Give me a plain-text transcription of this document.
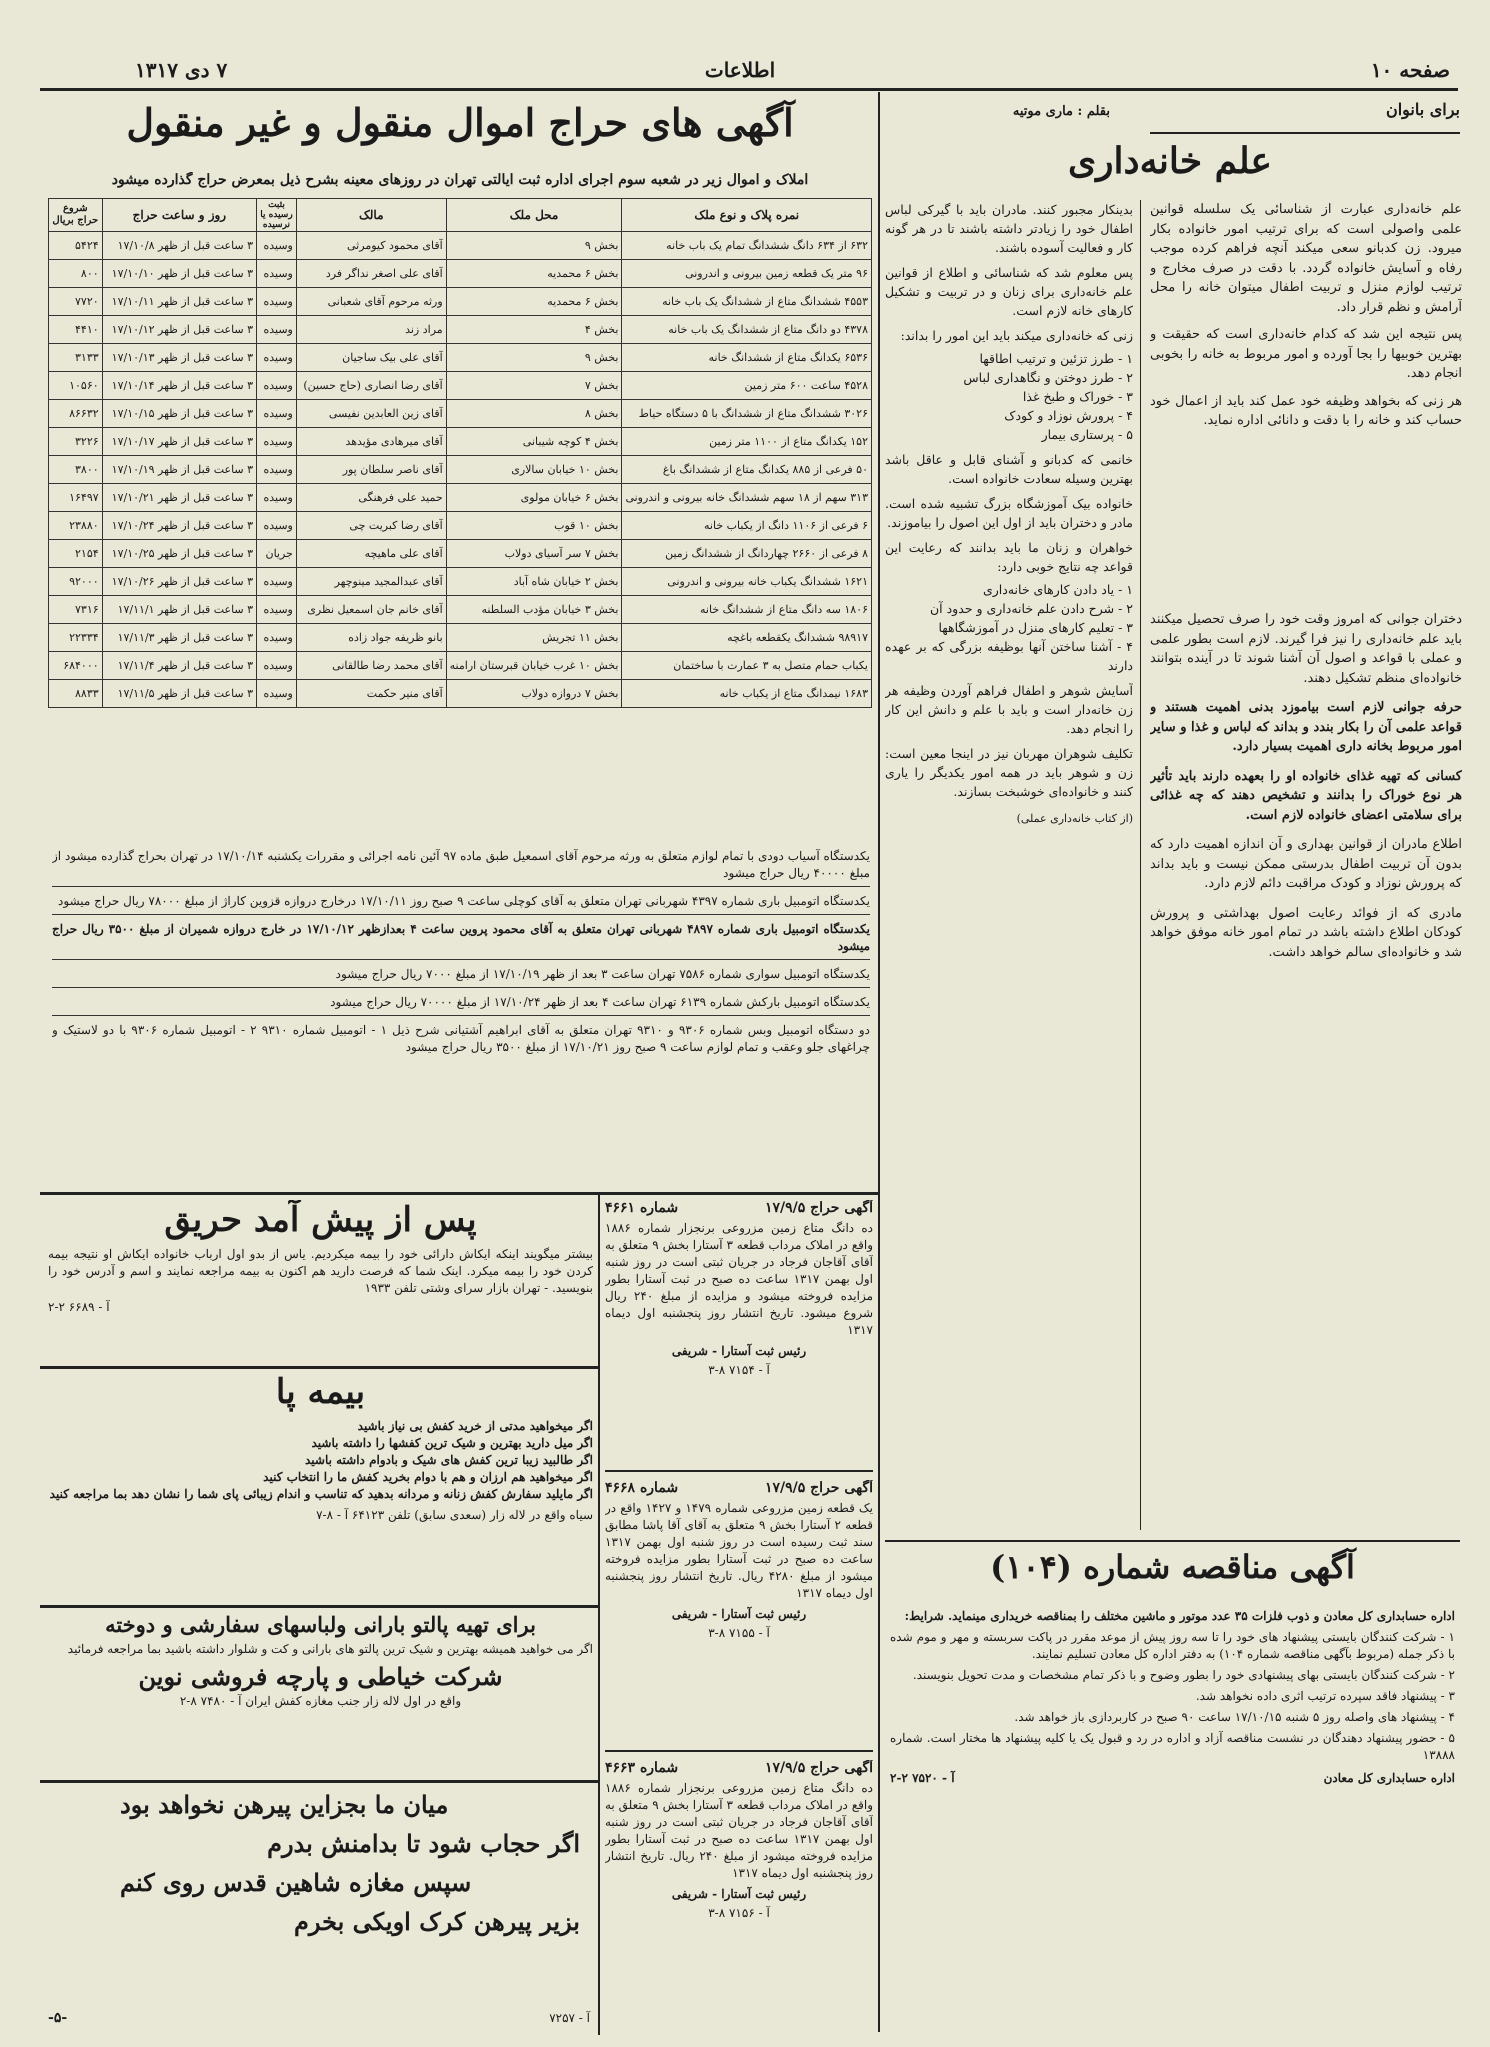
صفحه ۱۰
اطلاعات
۷ دی ۱۳۱۷
برای بانوان
بقلم : ماری موتیه
علم خانه‌داری

علم خانه‌داری عبارت از شناسائی یک سلسله قوانین علمی واصولی است که برای ترتیب امور خانواده بکار میرود. زن کدبانو سعی میکند آنچه فراهم کرده موجب رفاه و آسایش خانواده گردد. با دقت در صرف مخارج و ترتیب لوازم منزل و تربیت اطفال میتوان خانه را محل آرامش و نظم قرار داد.

پس نتیجه این شد که کدام خانه‌داری است که حقیقت و بهترین خوبیها را بجا آورده و امور مربوط به خانه را بخوبی انجام دهد.

هر زنی که بخواهد وظیفه خود عمل کند باید از اعمال خود حساب کند و خانه را با دقت و دانائی اداره نماید.

دختران جوانی که امروز وقت خود را صرف تحصیل میکنند باید علم خانه‌داری را نیز فرا گیرند. لازم است بطور علمی و عملی با قواعد و اصول آن آشنا شوند تا در آینده بتوانند خانواده‌ای منظم تشکیل دهند.

حرفه جوانی لازم است بیاموزد بدنی اهمیت هستند و قواعد علمی آن را بکار بندد و بداند که لباس و غذا و سایر امور مربوط بخانه داری اهمیت بسیار دارد.

کسانی که تهیه غذای خانواده او را بعهده دارند باید تأثیر هر نوع خوراک را بدانند و تشخیص دهند که چه غذائی برای سلامتی اعضای خانواده لازم است.

اطلاع مادران از قوانین بهداری و آن اندازه اهمیت دارد که بدون آن تربیت اطفال بدرستی ممکن نیست و باید بداند که پرورش نوزاد و کودک مراقبت دائم لازم دارد.

مادری که از فوائد رعایت اصول بهداشتی و پرورش کودکان اطلاع داشته باشد در تمام امور خانه موفق خواهد شد و خانواده‌ای سالم خواهد داشت.

بدینکار مجبور کنند. مادران باید با گیرکی لباس اطفال خود را زیادتر داشته باشند تا در هر گونه کار و فعالیت آسوده باشند.

پس معلوم شد که شناسائی و اطلاع از قوانین علم خانه‌داری برای زنان و در تربیت و تشکیل کارهای خانه لازم است.

زنی که خانه‌داری میکند باید این امور را بداند:

۱ - طرز تزئین و ترتیب اطاقها

۲ - طرز دوختن و نگاهداری لباس

۳ - خوراک و طبخ غذا

۴ - پرورش نوزاد و کودک

۵ - پرستاری بیمار

خانمی که کدبانو و آشنای قابل و عاقل باشد بهترین وسیله سعادت خانواده است.

خانواده بیک آموزشگاه بزرگ تشبیه شده است. مادر و دختران باید از اول این اصول را بیاموزند.

خواهران و زنان ما باید بدانند که رعایت این قواعد چه نتایج خوبی دارد:

۱ - یاد دادن کارهای خانه‌داری

۲ - شرح دادن علم خانه‌داری و حدود آن

۳ - تعلیم کارهای منزل در آموزشگاهها

۴ - آشنا ساختن آنها بوظیفه بزرگی که بر عهده دارند

آسایش شوهر و اطفال فراهم آوردن وظیفه هر زن خانه‌دار است و باید با علم و دانش این کار را انجام دهد.

تکلیف شوهران مهربان نیز در اینجا معین است: زن و شوهر باید در همه امور یکدیگر را یاری کنند و خانواده‌ای خوشبخت بسازند.

(از کتاب خانه‌داری عملی)

آگهی مناقصه شماره (۱۰۴)

اداره حسابداری کل معادن و ذوب فلزات ۳۵ عدد موتور و ماشین مختلف را بمناقصه خریداری مینماید. شرایط:

۱ - شرکت کنندگان بایستی پیشنهاد های خود را تا سه روز پیش از موعد مقرر در پاکت سربسته و مهر و موم شده با ذکر جمله (مربوط بآگهی مناقصه شماره ۱۰۴) به دفتر اداره کل معادن تسلیم نمایند.

۲ - شرکت کنندگان بایستی بهای پیشنهادی خود را بطور وضوح و با ذکر تمام مشخصات و مدت تحویل بنویسند.

۳ - پیشنهاد فاقد سپرده ترتیب اثری داده نخواهد شد.

۴ - پیشنهاد های واصله روز ۵ شنبه ۱۷/۱۰/۱۵ ساعت ۹۰ صبح در کاربردازی باز خواهد شد.

۵ - حضور پیشنهاد دهندگان در نشست مناقصه آزاد و اداره در رد و قبول یک یا کلیه پیشنهاد ها مختار است. شماره ۱۳۸۸۸

اداره حسابداری کل معادن
آ - ۷۵۲۰ ۲-۲
آگهی های حراج اموال منقول و غیر منقول
املاک و اموال زیر در شعبه سوم اجرای اداره ثبت ایالتی تهران در روزهای معینه بشرح ذیل بمعرض حراج گذارده میشود
نمره پلاک و نوع ملک	محل ملک	مالک	بثبت رسیده یا نرسیده	روز و ساعت حراج	شروع حراج بریال
۶۳۲ از ۶۳۴ دانگ ششدانگ تمام یک باب خانه	بخش ۹	آقای محمود کیومرثی	وسیده	۳ ساعت قبل از ظهر ۱۷/۱۰/۸	۵۴۲۴
۹۶ متر یک قطعه زمین بیرونی و اندرونی	بخش ۶ محمدیه	آقای علی اصغر نداگر فرد	وسیده	۳ ساعت قبل از ظهر ۱۷/۱۰/۱۰	۸۰۰
۴۵۵۳ ششدانگ متاع از ششدانگ یک باب خانه	بخش ۶ محمدیه	ورثه مرحوم آقای شعبانی	وسیده	۳ ساعت قبل از ظهر ۱۷/۱۰/۱۱	۷۷۲۰
۴۳۷۸ دو دانگ متاع از ششدانگ یک باب خانه	بخش ۴	مراد زند	وسیده	۳ ساعت قبل از ظهر ۱۷/۱۰/۱۲	۴۴۱۰
۶۵۳۶ یکدانگ متاع از ششدانگ خانه	بخش ۹	آقای علی بیک ساجیان	وسیده	۳ ساعت قبل از ظهر ۱۷/۱۰/۱۳	۳۱۳۳
۴۵۲۸ ساعت ۶۰۰ متر زمین	بخش ۷	آقای رضا انصاری (حاج حسین)	وسیده	۳ ساعت قبل از ظهر ۱۷/۱۰/۱۴	۱۰۵۶۰
۳۰۲۶ ششدانگ متاع از ششدانگ با ۵ دستگاه حیاط	بخش ۸	آقای زین العابدین نفیسی	وسیده	۳ ساعت قبل از ظهر ۱۷/۱۰/۱۵	۸۶۶۳۲
۱۵۲ یکدانگ متاع از ۱۱۰۰ متر زمین	بخش ۴ کوچه شیبانی	آقای میرهادی مؤیدهد	وسیده	۳ ساعت قبل از ظهر ۱۷/۱۰/۱۷	۳۲۲۶
۵۰ فرعی از ۸۸۵ یکدانگ متاع از ششدانگ باغ	بخش ۱۰ خیابان سالاری	آقای ناصر سلطان پور	وسیده	۳ ساعت قبل از ظهر ۱۷/۱۰/۱۹	۳۸۰۰
۳۱۳ سهم از ۱۸ سهم ششدانگ خانه بیرونی و اندرونی	بخش ۶ خیابان مولوی	حمید علی فرهنگی	وسیده	۳ ساعت قبل از ظهر ۱۷/۱۰/۲۱	۱۶۴۹۷
۶ فرعی از ۱۱۰۶ دانگ از یکباب خانه	بخش ۱۰ قوب	آقای رضا کبریت چی	وسیده	۳ ساعت قبل از ظهر ۱۷/۱۰/۲۴	۲۳۸۸۰
۸ فرعی از ۲۶۶۰ چهاردانگ از ششدانگ زمین	بخش ۷ سر آسیای دولاب	آقای علی ماهیچه	جریان	۳ ساعت قبل از ظهر ۱۷/۱۰/۲۵	۲۱۵۴
۱۶۲۱ ششدانگ یکباب خانه بیرونی و اندرونی	بخش ۲ خیابان شاه آباد	آقای عبدالمجید مینوچهر	وسیده	۳ ساعت قبل از ظهر ۱۷/۱۰/۲۶	۹۲۰۰۰
۱۸۰۶ سه دانگ متاع از ششدانگ خانه	بخش ۳ خیابان مؤدب السلطنه	آقای خانم جان اسمعیل نظری	وسیده	۳ ساعت قبل از ظهر ۱۷/۱۱/۱	۷۳۱۶
۹۸۹۱۷ ششدانگ یکقطعه باغچه	بخش ۱۱ تجریش	بانو ظریفه جواد زاده	وسیده	۳ ساعت قبل از ظهر ۱۷/۱۱/۳	۲۲۳۳۴
یکباب حمام متصل به ۳ عمارت با ساختمان	بخش ۱۰ غرب خیابان قبرستان ارامنه	آقای محمد رضا طالقانی	وسیده	۳ ساعت قبل از ظهر ۱۷/۱۱/۴	۶۸۴۰۰۰
۱۶۸۳ نیمدانگ متاع از یکباب خانه	بخش ۷ دروازه دولاب	آقای منیر حکمت	وسیده	۳ ساعت قبل از ظهر ۱۷/۱۱/۵	۸۸۳۳

یکدستگاه آسیاب دودی با تمام لوازم متعلق به ورثه مرحوم آقای اسمعیل طبق ماده ۹۷ آئین نامه اجرائی و مقررات یکشنبه ۱۷/۱۰/۱۴ در تهران بحراج گذارده میشود از مبلغ ۴۰۰۰۰ ریال حراج میشود

یکدستگاه اتومبیل باری شماره ۴۳۹۷ شهربانی تهران متعلق به آقای کوچلی ساعت ۹ صبح روز ۱۷/۱۰/۱۱ درخارج دروازه قزوین کاراژ از مبلغ ۷۸۰۰۰ ریال حراج میشود

یکدستگاه اتومبیل باری شماره ۴۸۹۷ شهربانی تهران متعلق به آقای محمود پروین ساعت ۴ بعدازظهر ۱۷/۱۰/۱۲ در خارج دروازه شمیران از مبلغ ۳۵۰۰ ریال حراج میشود

یکدستگاه اتومبیل سواری شماره ۷۵۸۶ تهران ساعت ۳ بعد از ظهر ۱۷/۱۰/۱۹ از مبلغ ۷۰۰۰ ریال حراج میشود

یکدستگاه اتومبیل بارکش شماره ۶۱۳۹ تهران ساعت ۴ بعد از ظهر ۱۷/۱۰/۲۴ از مبلغ ۷۰۰۰۰ ریال حراج میشود

دو دستگاه اتومبیل وبس شماره ۹۳۰۶ و ۹۳۱۰ تهران متعلق به آقای ابراهیم آشتیانی شرح ذیل ۱ - اتومبیل شماره ۹۳۱۰ ۲ - اتومبیل شماره ۹۳۰۶ با دو لاستیک و چراغهای جلو وعقب و تمام لوازم ساعت ۹ صبح روز ۱۷/۱۰/۲۱ از مبلغ ۳۵۰۰ ریال حراج میشود

آگهی حراج ۱۷/۹/۵
شماره ۴۶۶۱

ده دانگ متاع زمین مزروعی برنجزار شماره ۱۸۸۶ واقع در املاک مرداب قطعه ۳ آستارا بخش ۹ متعلق به آقای آقاجان فرجاد در جریان ثبتی است در روز شنبه اول بهمن ۱۳۱۷ ساعت ده صبح در ثبت آستارا بطور مزایده فروخته میشود و مزایده از مبلغ ۲۴۰ ریال شروع میشود. تاریخ انتشار روز پنجشنبه اول دیماه ۱۳۱۷

رئیس ثبت آستارا - شریفی

آ - ۷۱۵۴ ۸-۳

آگهی حراج ۱۷/۹/۵
شماره ۴۶۶۸

یک قطعه زمین مزروعی شماره ۱۴۷۹ و ۱۴۲۷ واقع در قطعه ۲ آستارا بخش ۹ متعلق به آقای آقا پاشا مطابق سند ثبت رسیده است در روز شنبه اول بهمن ۱۳۱۷ ساعت ده صبح در ثبت آستارا بطور مزایده فروخته میشود از مبلغ ۴۲۸۰ ریال. تاریخ انتشار روز پنجشنبه اول دیماه ۱۳۱۷

رئیس ثبت آستارا - شریفی

آ - ۷۱۵۵ ۸-۳

آگهی حراج ۱۷/۹/۵
شماره ۴۶۶۳

ده دانگ متاع زمین مزروعی برنجزار شماره ۱۸۸۶ واقع در املاک مرداب قطعه ۳ آستارا بخش ۹ متعلق به آقای آقاجان فرجاد در جریان ثبتی است در روز شنبه اول بهمن ۱۳۱۷ ساعت ده صبح در ثبت آستارا بطور مزایده فروخته میشود از مبلغ ۲۴۰ ریال. تاریخ انتشار روز پنجشنبه اول دیماه ۱۳۱۷

رئیس ثبت آستارا - شریفی

آ - ۷۱۵۶ ۸-۳

پس از پیش آمد حریق

بیشتر میگویند اینکه ایکاش دارائی خود را بیمه میکردیم. یاس از بدو اول ارباب خانواده ایکاش او نتیجه بیمه کردن خود را بیمه میکرد. اینک شما که فرصت دارید هم اکنون به بیمه مراجعه نمایند و اسم و آدرس خود را بنویسید. - تهران بازار سرای وشتی تلفن ۱۹۳۳

آ - ۶۶۸۹ ۲-۲

بیمه پا

اگر میخواهید مدتی از خرید کفش بی نیاز باشید

اگر میل دارید بهترین و شیک ترین کفشها را داشته باشید

اگر طالبید زیبا ترین کفش های شیک و بادوام داشته باشید

اگر میخواهید هم ارزان و هم با دوام بخرید کفش ما را انتخاب کنید

اگر مایلید سفارش کفش زنانه و مردانه بدهید که تناسب و اندام زیبائی پای شما را نشان دهد بما مراجعه کنید

سیاه واقع در لاله زار (سعدی سابق) تلفن ۶۴۱۲۳ آ - ۸-۷

برای تهیه پالتو بارانی ولباسهای سفارشی و دوخته

اگر می خواهید همیشه بهترین و شیک ترین پالتو های بارانی و کت و شلوار داشته باشید بما مراجعه فرمائید

شرکت خیاطی و پارچه فروشی نوین

واقع در اول لاله زار جنب مغازه کفش ایران آ - ۷۴۸۰ ۸-۲

میان ما بجزاین پیرهن نخواهد بود

اگر حجاب شود تا بدامنش بدرم

سپس مغازه شاهین قدس روی کنم

بزیر پیرهن کرک اویکی بخرم

-۵-	آ - ۷۲۵۷
